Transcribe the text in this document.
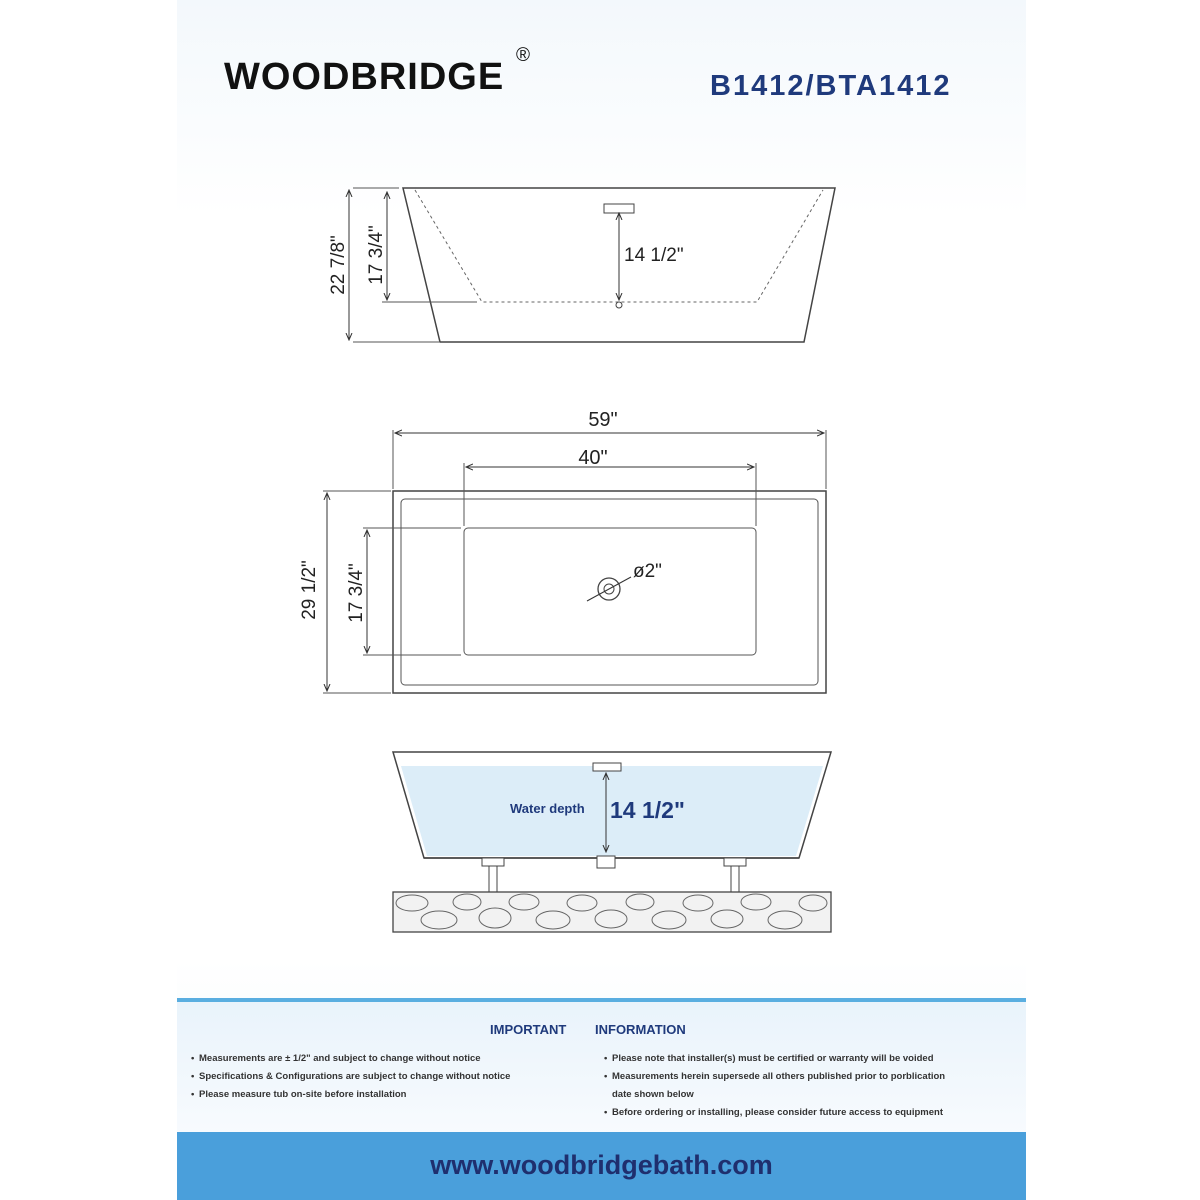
WOODBRIDGE
®
B1412/BTA1412
22 7/8" 17 3/4"	14 1/2"
59"
40"
29 1/2" 17 3/4"	ø2"
Water depth 14 1/2"
IMPORTANT INFORMATION
• Measurements are ± 1/2" and subject to change without notice
• Specifications & Configurations are subject to change without notice
• Please measure tub on-site before installation
• Please note that installer(s) must be certified or warranty will be voided
• Measurements herein supersede all others published prior to porblication
date shown below
• Before ordering or installing, please consider future access to equipment
www.woodbridgebath.com
